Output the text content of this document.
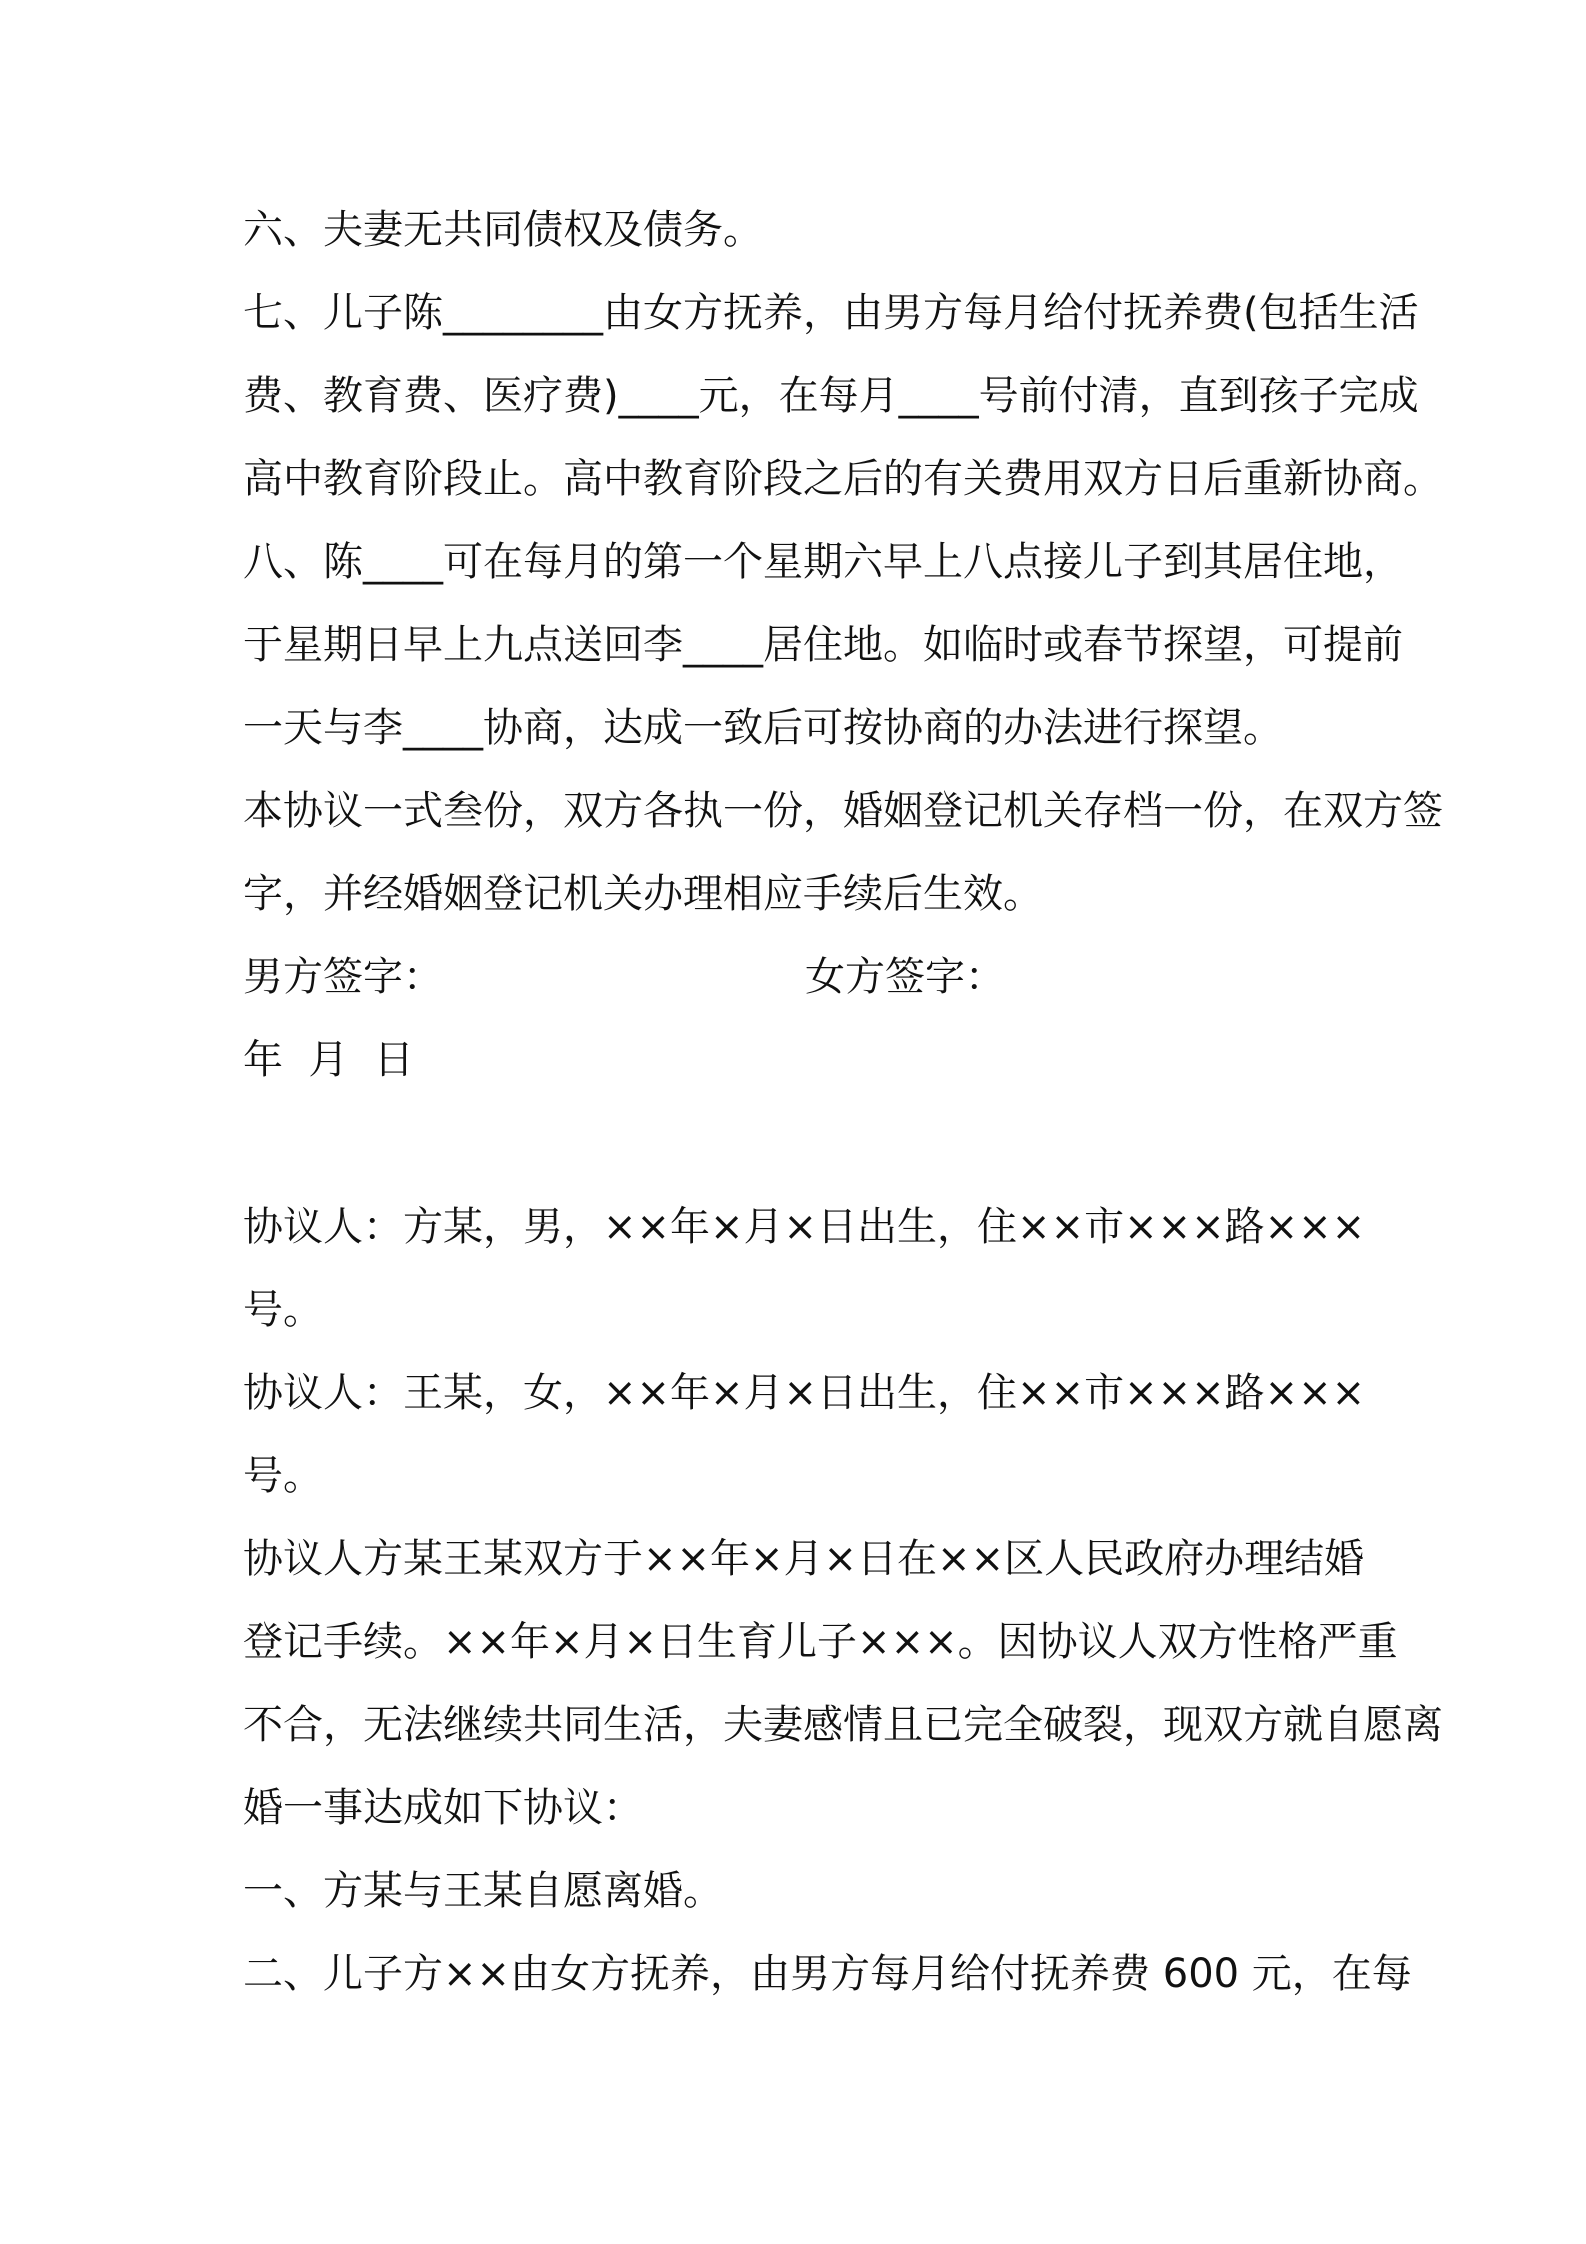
六、夫妻无共同债权及债务。
七、儿子陈________由女方抚养，由男方每月给付抚养费(包括生活
费、教育费、医疗费)____元，在每月____号前付清，直到孩子完成
高中教育阶段止。高中教育阶段之后的有关费用双方日后重新协商。
八、陈____可在每月的第一个星期六早上八点接儿子到其居住地，
于星期日早上九点送回李____居住地。如临时或春节探望，可提前
一天与李____协商，达成一致后可按协商的办法进行探望。
本协议一式叁份，双方各执一份，婚姻登记机关存档一份，在双方签
字，并经婚姻登记机关办理相应手续后生效。
男方签字：	女方签字：
年  月  日
协议人：方某，男，××年×月×日出生，住××市×××路×××
号。
协议人：王某，女，××年×月×日出生，住××市×××路×××
号。
协议人方某王某双方于××年×月×日在××区人民政府办理结婚
登记手续。××年×月×日生育儿子×××。因协议人双方性格严重
不合，无法继续共同生活，夫妻感情且已完全破裂，现双方就自愿离
婚一事达成如下协议：
一、方某与王某自愿离婚。
二、儿子方××由女方抚养，由男方每月给付抚养费 600 元，在每
